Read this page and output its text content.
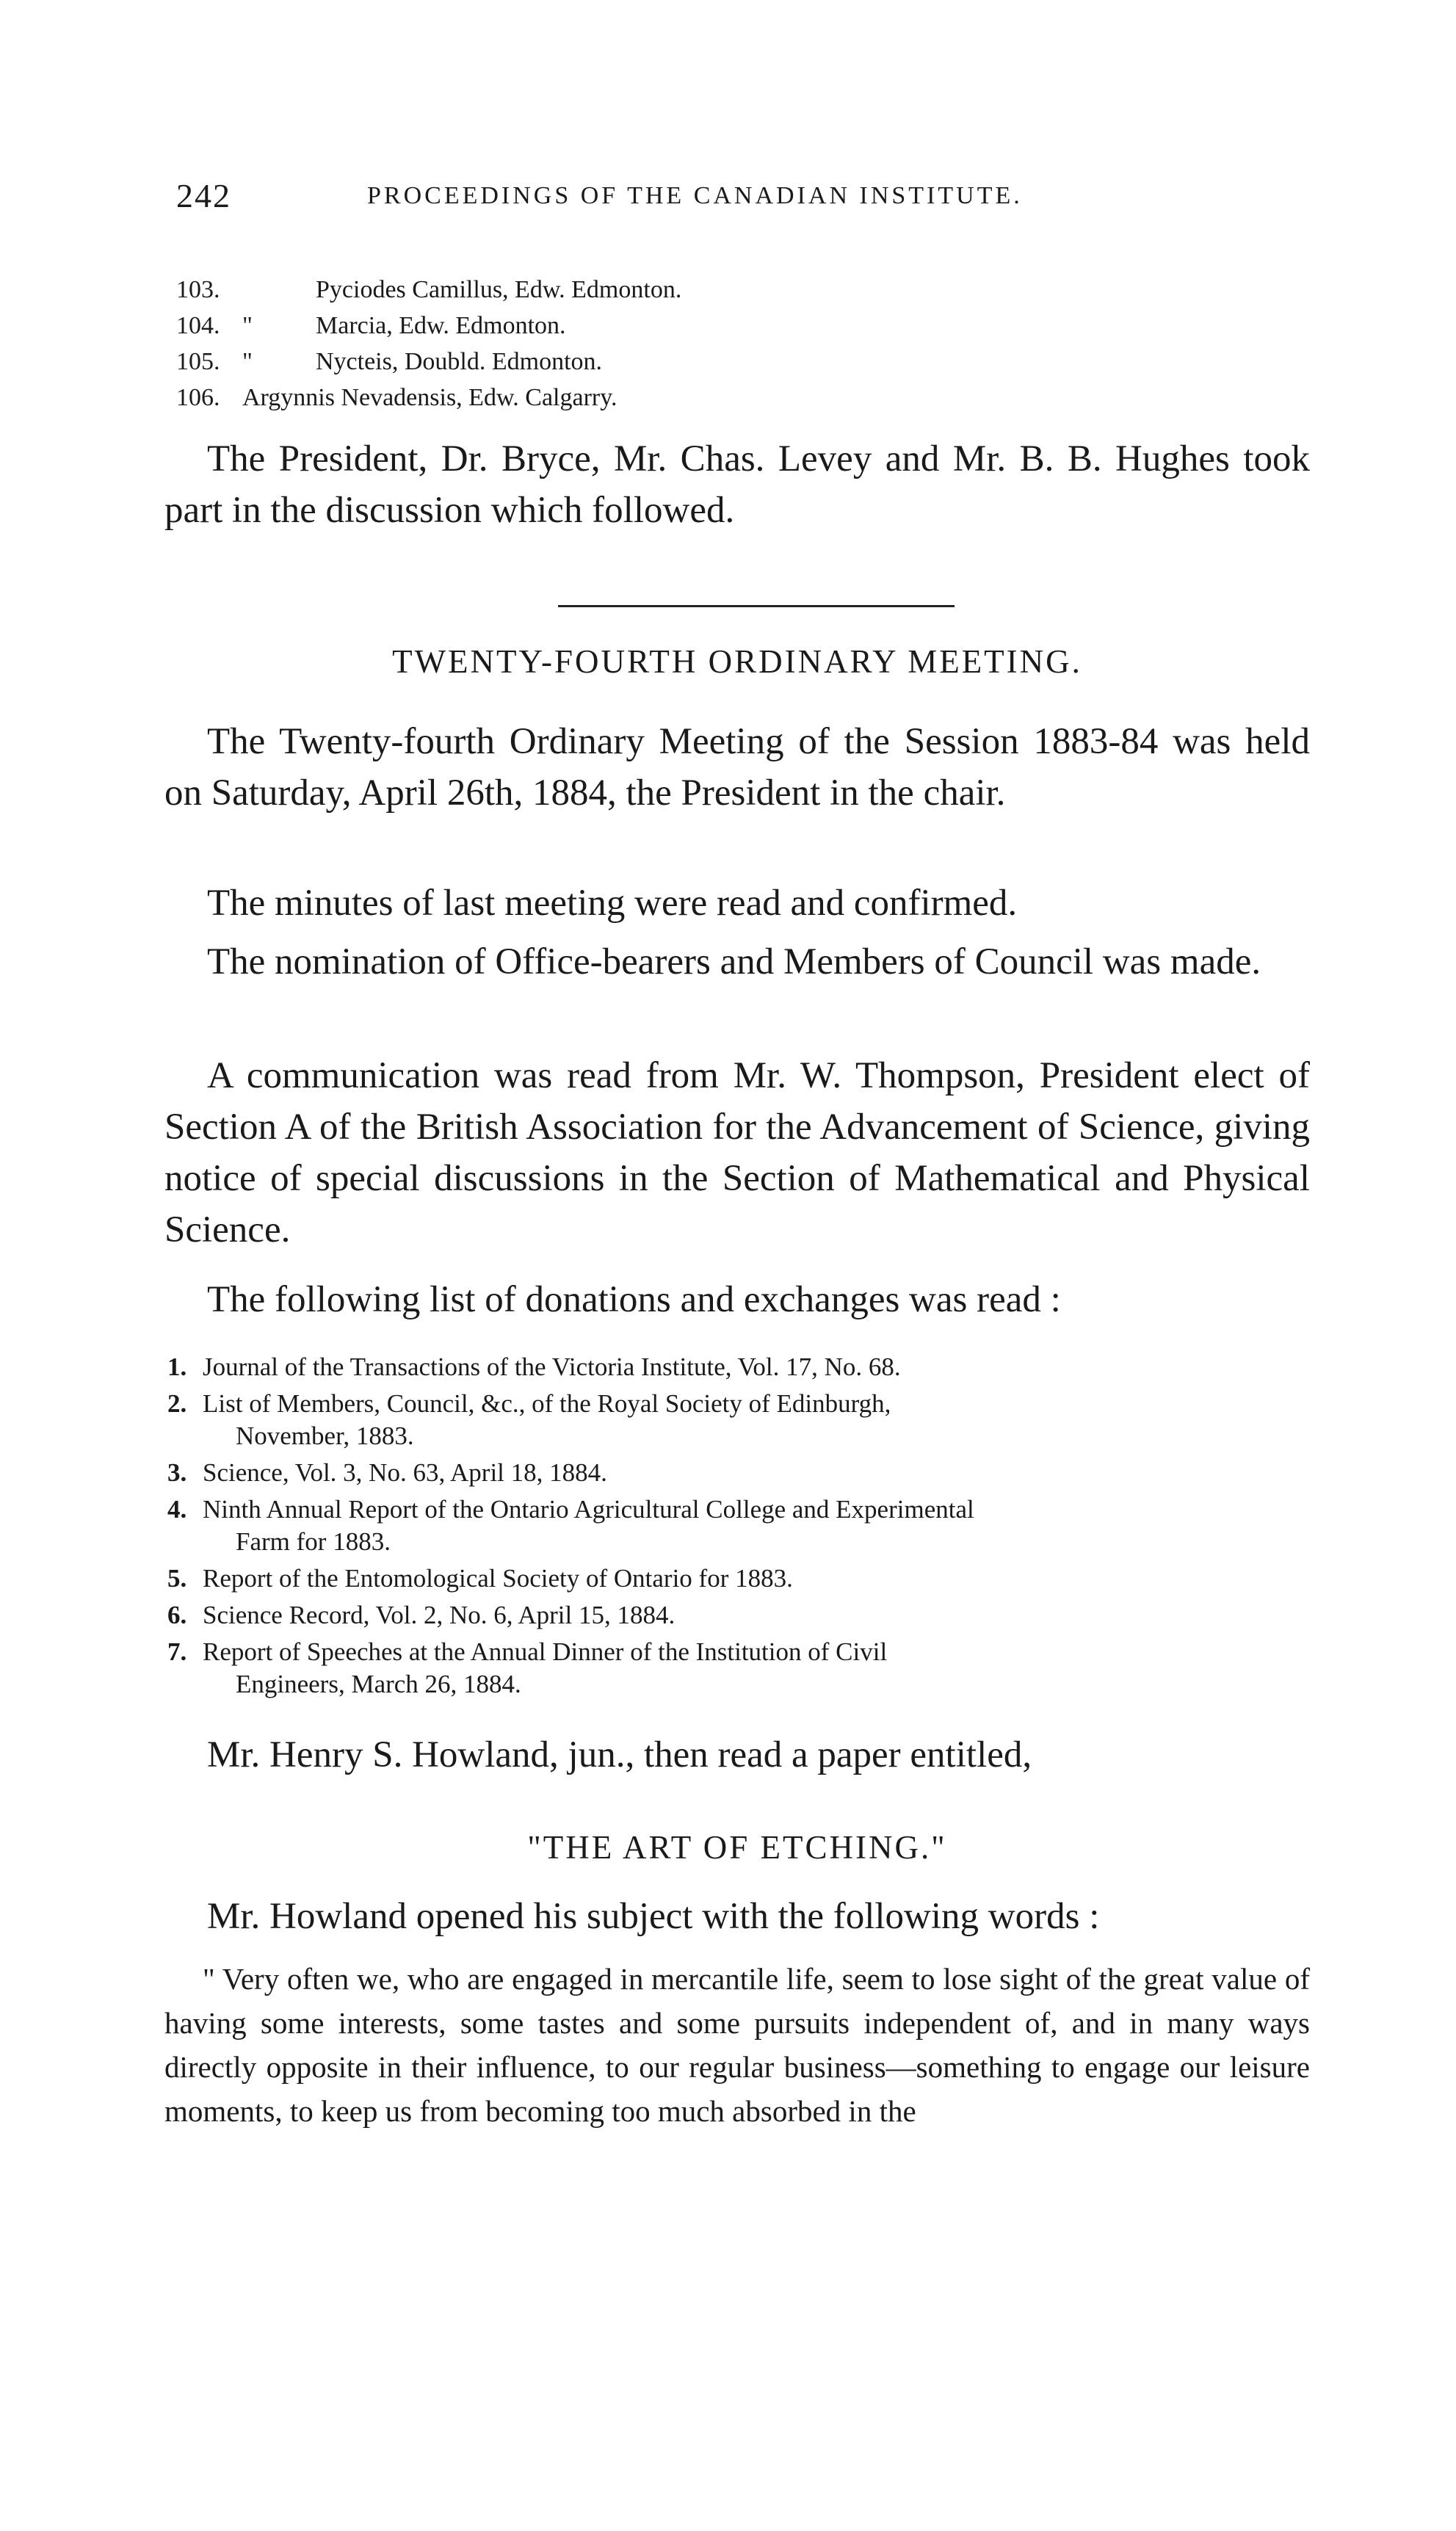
242	PROCEEDINGS OF THE CANADIAN INSTITUTE.
103.	Pyciodes Camillus, Edw. Edmonton.
104. "	Marcia, Edw. Edmonton.
105. "	Nycteis, Doubld. Edmonton.
106. Argynnis Nevadensis, Edw. Calgarry.

The President, Dr. Bryce, Mr. Chas. Levey and Mr. B. B. Hughes took part in the discussion which followed.

TWENTY-FOURTH ORDINARY MEETING.

The Twenty-fourth Ordinary Meeting of the Session 1883-84 was held on Saturday, April 26th, 1884, the President in the chair.

The minutes of last meeting were read and confirmed.

The nomination of Office-bearers and Members of Council was made.

A communication was read from Mr. W. Thompson, President elect of Section A of the British Association for the Advancement of Science, giving notice of special discussions in the Section of Mathematical and Physical Science.

The following list of donations and exchanges was read :

1. Journal of the Transactions of the Victoria Institute, Vol. 17, No. 68.
2. List of Members, Council, &c., of the Royal Society of Edinburgh,
November, 1883.
3. Science, Vol. 3, No. 63, April 18, 1884.
4. Ninth Annual Report of the Ontario Agricultural College and Experimental
Farm for 1883.
5. Report of the Entomological Society of Ontario for 1883.
6. Science Record, Vol. 2, No. 6, April 15, 1884.
7. Report of Speeches at the Annual Dinner of the Institution of Civil
Engineers, March 26, 1884.

Mr. Henry S. Howland, jun., then read a paper entitled,

"THE ART OF ETCHING."

Mr. Howland opened his subject with the following words :

" Very often we, who are engaged in mercantile life, seem to lose sight of the great value of having some interests, some tastes and some pursuits independent of, and in many ways directly opposite in their influence, to our regular business—something to engage our leisure moments, to keep us from becoming too much absorbed in the
